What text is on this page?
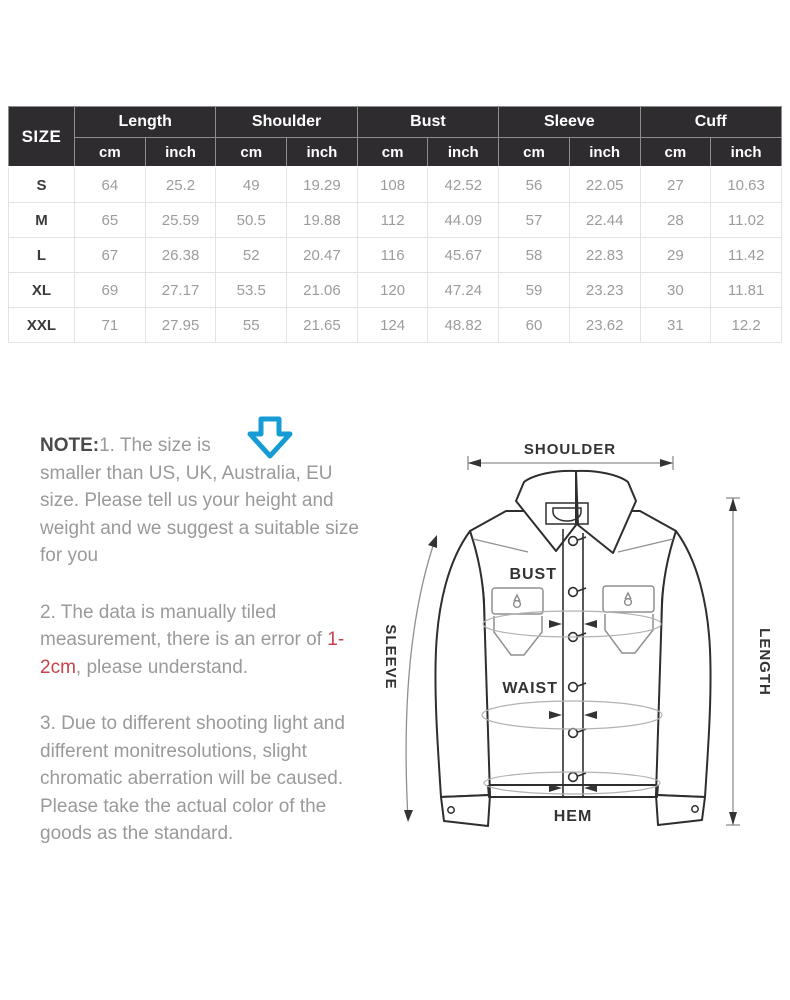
SIZE	Length		Shoulder		Bust		Sleeve		Cuff	
	cm	inch	cm	inch	cm	inch	cm	inch	cm	inch
S	64	25.2	49	19.29	108	42.52	56	22.05	27	10.63
M	65	25.59	50.5	19.88	112	44.09	57	22.44	28	11.02
L	67	26.38	52	20.47	116	45.67	58	22.83	29	11.42
XL	69	27.17	53.5	21.06	120	47.24	59	23.23	30	11.81
XXL	71	27.95	55	21.65	124	48.82	60	23.62	31	12.2

NOTE:1. The size is
smaller than US, UK, Australia, EU size. Please tell us your height and weight and we suggest a suitable size for you

2. The data is manually tiled measurement, there is an error of 1-2cm, please understand.

3. Due to different shooting light and different monitresolutions, slight chromatic aberration will be caused. Please take the actual color of the goods as the standard.

SHOULDER
LENGTH
SLEEVE
BUST
WAIST
HEM
